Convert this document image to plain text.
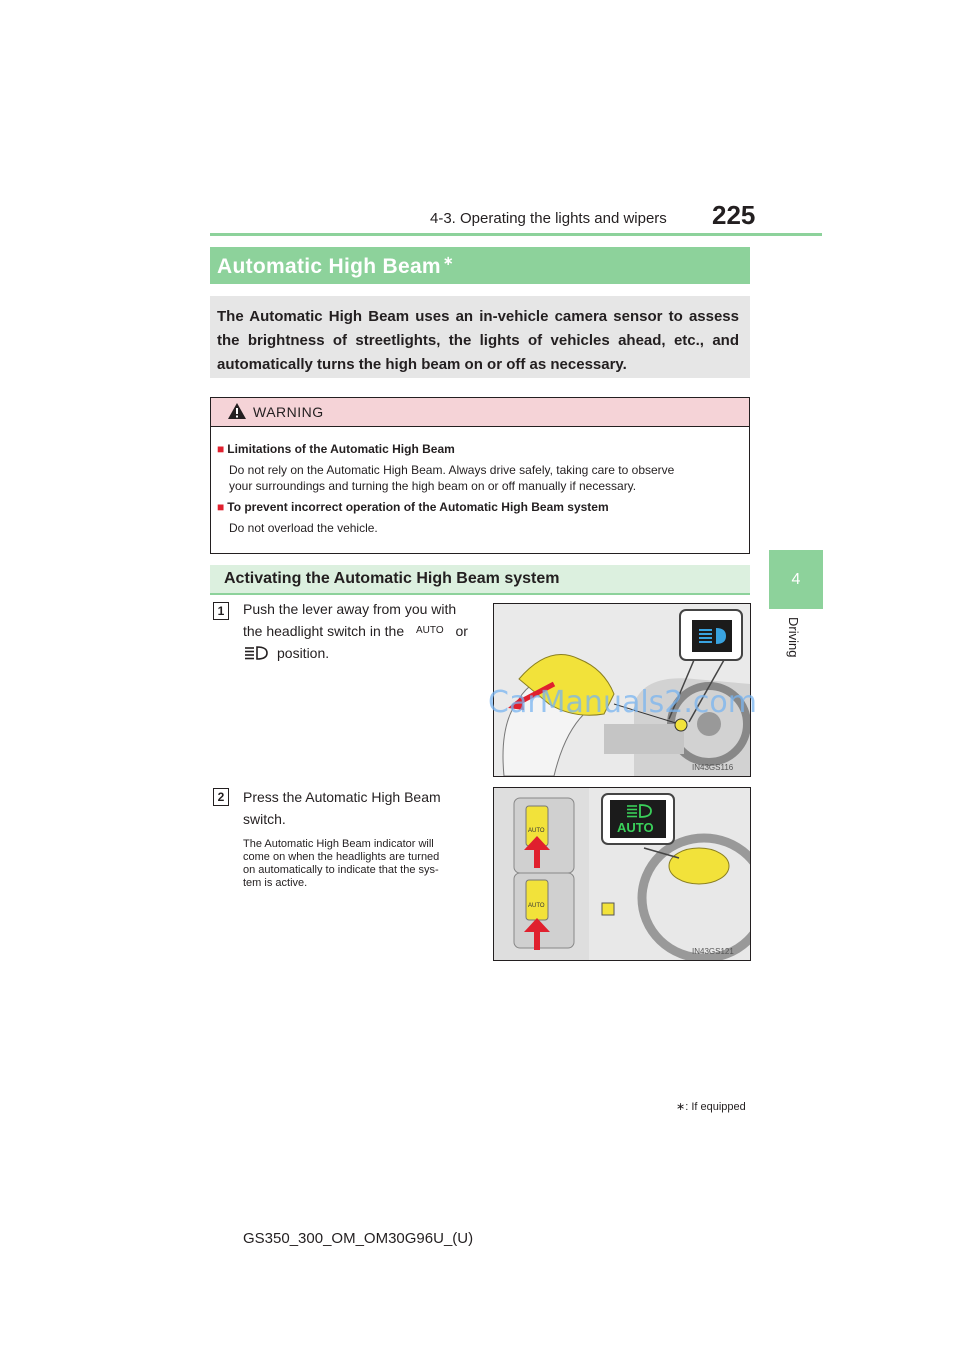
4-3. Operating the lights and wipers 225
4
Driving
Automatic High Beam ∗
The Automatic High Beam uses an in-vehicle camera sensor to assess the brightness of streetlights, the lights of vehicles ahead, etc., and automatically turns the high beam on or off as necessary.
WARNING
■ Limitations of the Automatic High Beam
Do not rely on the Automatic High Beam. Always drive safely, taking care to observe
your surroundings and turning the high beam on or off manually if necessary.
■ To prevent incorrect operation of the Automatic High Beam system
Do not overload the vehicle.
Activating the Automatic High Beam system
1	Push the lever away from you with
the headlight switch in the $^{AUTO}$ or
position.
IN43GS116
CarManuals2.com
2	Press the Automatic High Beam
switch.
The Automatic High Beam indicator will
come on when the headlights are turned
on automatically to indicate that the sys-
tem is active.
AUTO
AUTO
AUTO
IN43GS121
∗: If equipped
GS350_300_OM_OM30G96U_(U)
